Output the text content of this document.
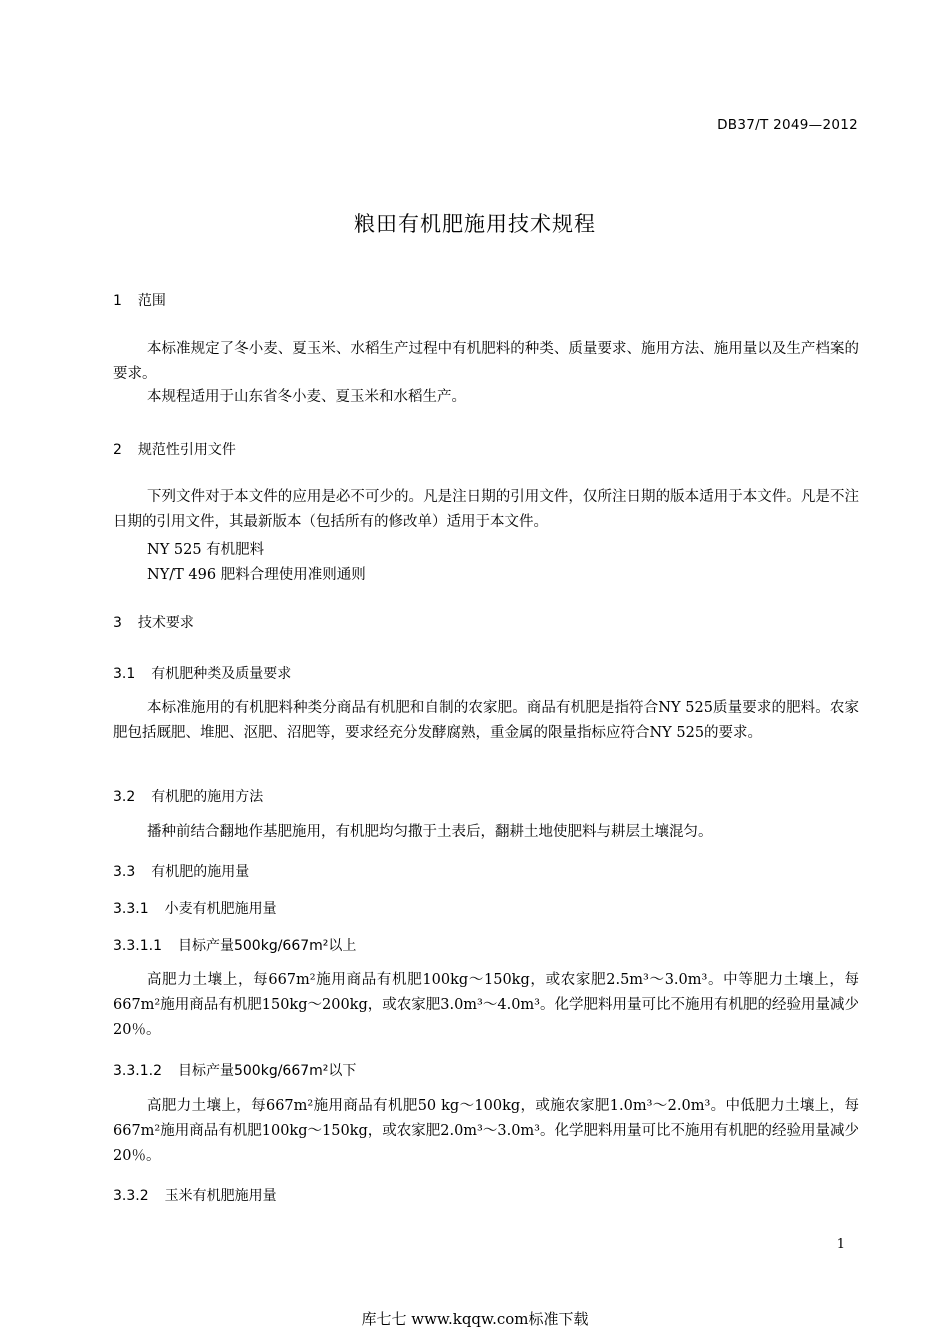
DB37/T 2049—2012
粮田有机肥施用技术规程
1 范围
本标准规定了冬小麦、夏玉米、水稻生产过程中有机肥料的种类、质量要求、施用方法、施用量以及生产档案的要求。
本规程适用于山东省冬小麦、夏玉米和水稻生产。
2 规范性引用文件
下列文件对于本文件的应用是必不可少的。凡是注日期的引用文件，仅所注日期的版本适用于本文件。凡是不注日期的引用文件，其最新版本（包括所有的修改单）适用于本文件。
NY 525 有机肥料
NY/T 496 肥料合理使用准则通则
3 技术要求
3.1 有机肥种类及质量要求
本标准施用的有机肥料种类分商品有机肥和自制的农家肥。商品有机肥是指符合NY 525质量要求的肥料。农家肥包括厩肥、堆肥、沤肥、沼肥等，要求经充分发酵腐熟，重金属的限量指标应符合NY 525的要求。
3.2 有机肥的施用方法
播种前结合翻地作基肥施用，有机肥均匀撒于土表后，翻耕土地使肥料与耕层土壤混匀。
3.3 有机肥的施用量
3.3.1 小麦有机肥施用量
3.3.1.1 目标产量500kg/667m²以上
高肥力土壤上，每667m²施用商品有机肥100kg～150kg，或农家肥2.5m³～3.0m³。中等肥力土壤上，每667m²施用商品有机肥150kg～200kg，或农家肥3.0m³～4.0m³。化学肥料用量可比不施用有机肥的经验用量减少20％。
3.3.1.2 目标产量500kg/667m²以下
高肥力土壤上，每667m²施用商品有机肥50 kg～100kg，或施农家肥1.0m³～2.0m³。中低肥力土壤上，每667m²施用商品有机肥100kg～150kg，或农家肥2.0m³～3.0m³。化学肥料用量可比不施用有机肥的经验用量减少20％。
3.3.2 玉米有机肥施用量
1
库七七 www.kqqw.com标准下载
